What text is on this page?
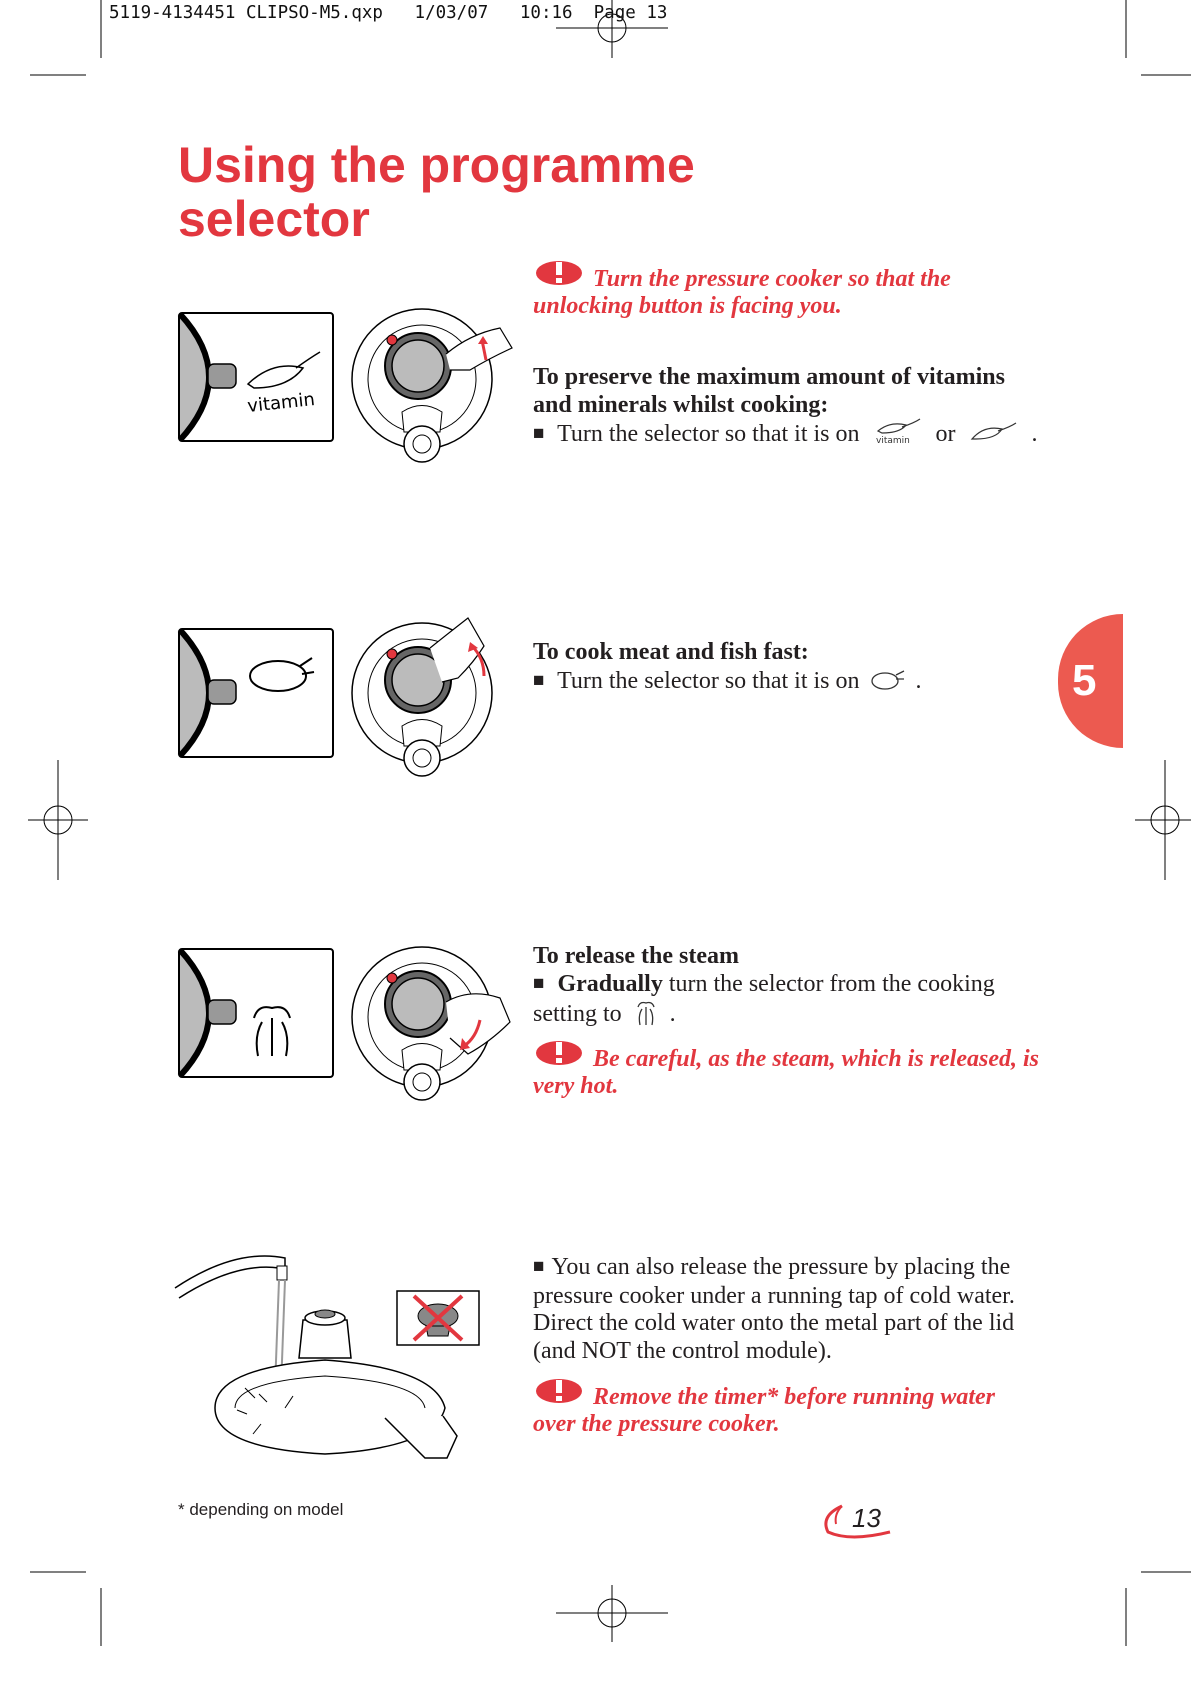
5119-4134451 CLIPSO-M5.qxp   1/03/07   10:16  Page 13
Using the programme
selector
Turn the pressure cooker so that the unlocking button is facing you.
To preserve the maximum amount of vitamins
and minerals whilst cooking:
■ Turn the selector so that it is on vitamin or	.
To cook meat and fish fast:
■ Turn the selector so that it is on .	5
To release the steam
■ Gradually turn the selector from the cooking
setting to .
Be careful, as the steam, which is released, is very hot.
■ You can also release the pressure by placing the pressure cooker under a running tap of cold water. Direct the cold water onto the metal part of the lid (and NOT the control module).
Remove the timer* before running water over the pressure cooker.
vitamin
* depending on model	13
